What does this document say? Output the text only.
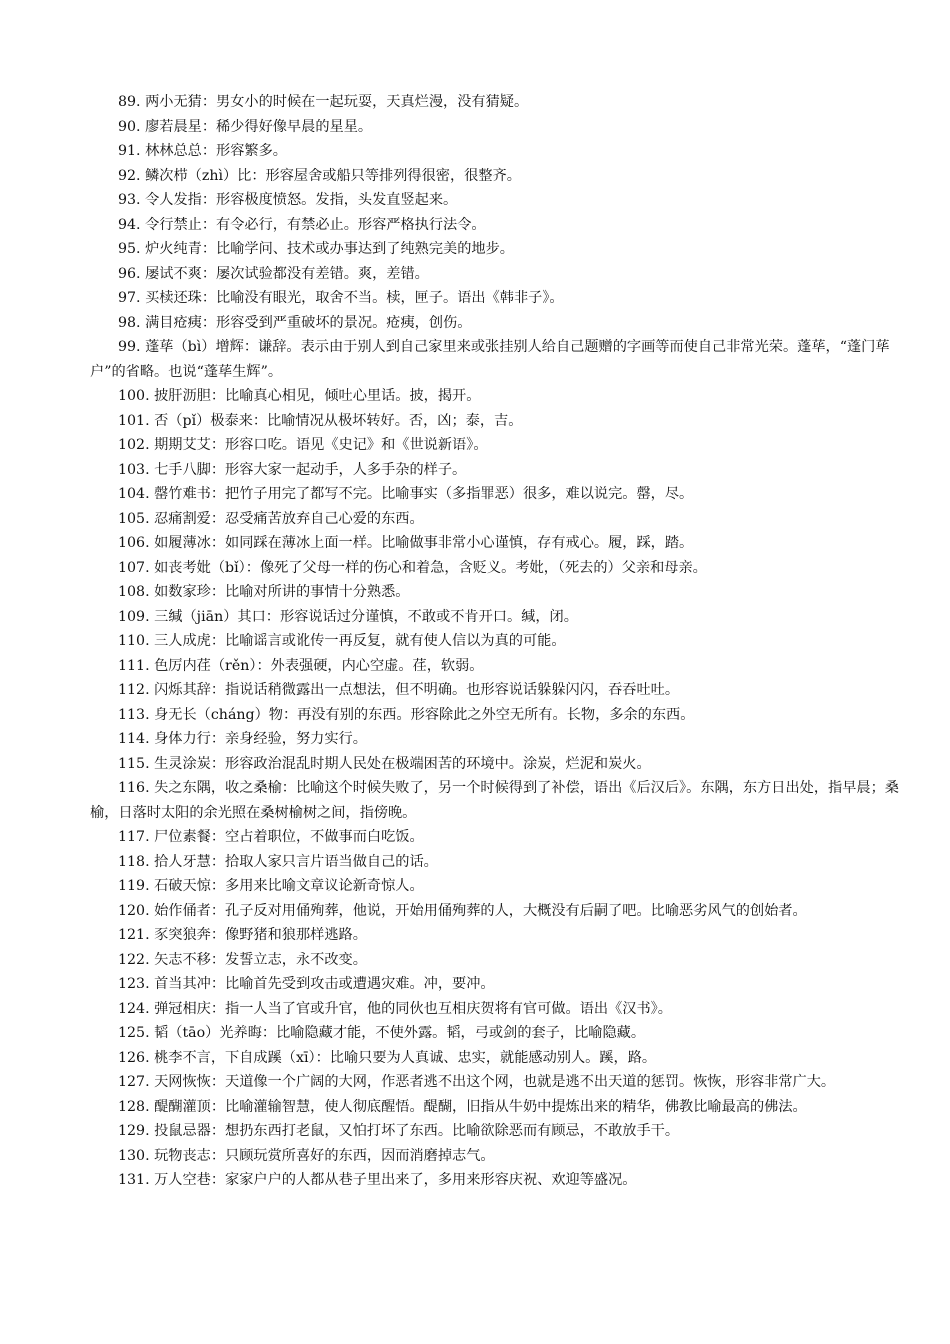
89. 两小无猜：男女小的时候在一起玩耍，天真烂漫，没有猜疑。

90. 廖若晨星：稀少得好像早晨的星星。

91. 林林总总：形容繁多。

92. 鳞次栉（zhì）比：形容屋舍或船只等排列得很密，很整齐。

93. 令人发指：形容极度愤怒。发指，头发直竖起来。

94. 令行禁止：有令必行，有禁必止。形容严格执行法令。

95. 炉火纯青：比喻学问、技术或办事达到了纯熟完美的地步。

96. 屡试不爽：屡次试验都没有差错。爽，差错。

97. 买椟还珠：比喻没有眼光，取舍不当。椟，匣子。语出《韩非子》。

98. 满目疮痍：形容受到严重破坏的景况。疮痍，创伤。

99. 蓬荜（bì）增辉：谦辞。表示由于别人到自己家里来或张挂别人给自己题赠的字画等而使自己非常光荣。蓬荜，“蓬门荜户”的省略。也说“蓬荜生辉”。

100. 披肝沥胆：比喻真心相见，倾吐心里话。披，揭开。

101. 否（pǐ）极泰来：比喻情况从极坏转好。否，凶；泰，吉。

102. 期期艾艾：形容口吃。语见《史记》和《世说新语》。

103. 七手八脚：形容大家一起动手，人多手杂的样子。

104. 罄竹难书：把竹子用完了都写不完。比喻事实（多指罪恶）很多，难以说完。罄，尽。

105. 忍痛割爱：忍受痛苦放弃自己心爱的东西。

106. 如履薄冰：如同踩在薄冰上面一样。比喻做事非常小心谨慎，存有戒心。履，踩，踏。

107. 如丧考妣（bǐ）：像死了父母一样的伤心和着急，含贬义。考妣，（死去的）父亲和母亲。

108. 如数家珍：比喻对所讲的事情十分熟悉。

109. 三缄（jiān）其口：形容说话过分谨慎，不敢或不肯开口。缄，闭。

110. 三人成虎：比喻谣言或讹传一再反复，就有使人信以为真的可能。

111. 色厉内荏（rěn）：外表强硬，内心空虚。荏，软弱。

112. 闪烁其辞：指说话稍微露出一点想法，但不明确。也形容说话躲躲闪闪，吞吞吐吐。

113. 身无长（cháng）物：再没有别的东西。形容除此之外空无所有。长物，多余的东西。

114. 身体力行：亲身经验，努力实行。

115. 生灵涂炭：形容政治混乱时期人民处在极端困苦的环境中。涂炭，烂泥和炭火。

116. 失之东隅，收之桑榆：比喻这个时候失败了，另一个时候得到了补偿，语出《后汉后》。东隅，东方日出处，指早晨；桑榆，日落时太阳的余光照在桑树榆树之间，指傍晚。

117. 尸位素餐：空占着职位，不做事而白吃饭。

118. 拾人牙慧：拾取人家只言片语当做自己的话。

119. 石破天惊：多用来比喻文章议论新奇惊人。

120. 始作俑者：孔子反对用俑殉葬，他说，开始用俑殉葬的人，大概没有后嗣了吧。比喻恶劣风气的创始者。

121. 豕突狼奔：像野猪和狼那样逃路。

122. 矢志不移：发誓立志，永不改变。

123. 首当其冲：比喻首先受到攻击或遭遇灾难。冲，要冲。

124. 弹冠相庆：指一人当了官或升官，他的同伙也互相庆贺将有官可做。语出《汉书》。

125. 韬（tāo）光养晦：比喻隐藏才能，不使外露。韬，弓或剑的套子，比喻隐藏。

126. 桃李不言，下自成蹊（xī）：比喻只要为人真诚、忠实，就能感动别人。蹊，路。

127. 天网恢恢：天道像一个广阔的大网，作恶者逃不出这个网，也就是逃不出天道的惩罚。恢恢，形容非常广大。

128. 醍醐灌顶：比喻灌输智慧，使人彻底醒悟。醍醐，旧指从牛奶中提炼出来的精华，佛教比喻最高的佛法。

129. 投鼠忌器：想扔东西打老鼠，又怕打坏了东西。比喻欲除恶而有顾忌，不敢放手干。

130. 玩物丧志：只顾玩赏所喜好的东西，因而消磨掉志气。

131. 万人空巷：家家户户的人都从巷子里出来了，多用来形容庆祝、欢迎等盛况。
